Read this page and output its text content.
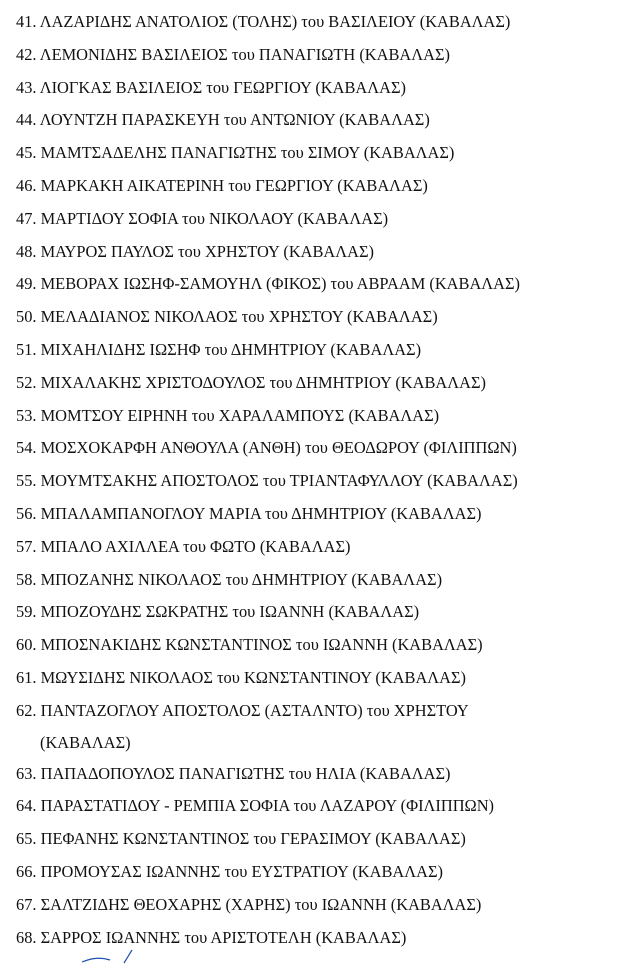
41. ΛΑΖΑΡΙΔΗΣ ΑΝΑΤΟΛΙΟΣ (ΤΟΛΗΣ) του ΒΑΣΙΛΕΙΟΥ (ΚΑΒΑΛΑΣ)
42. ΛΕΜΟΝΙΔΗΣ ΒΑΣΙΛΕΙΟΣ του ΠΑΝΑΓΙΩΤΗ (ΚΑΒΑΛΑΣ)
43. ΛΙΟΓΚΑΣ ΒΑΣΙΛΕΙΟΣ του ΓΕΩΡΓΙΟΥ (ΚΑΒΑΛΑΣ)
44. ΛΟΥΝΤΖΗ ΠΑΡΑΣΚΕΥΗ του ΑΝΤΩΝΙΟΥ (ΚΑΒΑΛΑΣ)
45. ΜΑΜΤΣΑΔΕΛΗΣ ΠΑΝΑΓΙΩΤΗΣ του ΣΙΜΟΥ (ΚΑΒΑΛΑΣ)
46. ΜΑΡΚΑΚΗ ΑΙΚΑΤΕΡΙΝΗ του ΓΕΩΡΓΙΟΥ (ΚΑΒΑΛΑΣ)
47. ΜΑΡΤΙΔΟΥ ΣΟΦΙΑ του ΝΙΚΟΛΑΟΥ (ΚΑΒΑΛΑΣ)
48. ΜΑΥΡΟΣ ΠΑΥΛΟΣ του ΧΡΗΣΤΟΥ (ΚΑΒΑΛΑΣ)
49. ΜΕΒΟΡΑΧ ΙΩΣΗΦ-ΣΑΜΟΥΗΛ (ΦΙΚΟΣ) του ΑΒΡΑΑΜ (ΚΑΒΑΛΑΣ)
50. ΜΕΛΑΔΙΑΝΟΣ ΝΙΚΟΛΑΟΣ του ΧΡΗΣΤΟΥ (ΚΑΒΑΛΑΣ)
51. ΜΙΧΑΗΛΙΔΗΣ ΙΩΣΗΦ του ΔΗΜΗΤΡΙΟΥ (ΚΑΒΑΛΑΣ)
52. ΜΙΧΑΛΑΚΗΣ ΧΡΙΣΤΟΔΟΥΛΟΣ του ΔΗΜΗΤΡΙΟΥ (ΚΑΒΑΛΑΣ)
53. ΜΟΜΤΣΟΥ ΕΙΡΗΝΗ του ΧΑΡΑΛΑΜΠΟΥΣ (ΚΑΒΑΛΑΣ)
54. ΜΟΣΧΟΚΑΡΦΗ ΑΝΘΟΥΛΑ (ΑΝΘΗ) του ΘΕΟΔΩΡΟΥ (ΦΙΛΙΠΠΩΝ)
55. ΜΟΥΜΤΣΑΚΗΣ ΑΠΟΣΤΟΛΟΣ του ΤΡΙΑΝΤΑΦΥΛΛΟΥ (ΚΑΒΑΛΑΣ)
56. ΜΠΑΛΑΜΠΑΝΟΓΛΟΥ ΜΑΡΙΑ του ΔΗΜΗΤΡΙΟΥ (ΚΑΒΑΛΑΣ)
57. ΜΠΑΛΟ ΑΧΙΛΛΕΑ του ΦΩΤΟ (ΚΑΒΑΛΑΣ)
58. ΜΠΟΖΑΝΗΣ ΝΙΚΟΛΑΟΣ του ΔΗΜΗΤΡΙΟΥ (ΚΑΒΑΛΑΣ)
59. ΜΠΟΖΟΥΔΗΣ ΣΩΚΡΑΤΗΣ του ΙΩΑΝΝΗ (ΚΑΒΑΛΑΣ)
60. ΜΠΟΣΝΑΚΙΔΗΣ ΚΩΝΣΤΑΝΤΙΝΟΣ του ΙΩΑΝΝΗ (ΚΑΒΑΛΑΣ)
61. ΜΩΥΣΙΔΗΣ ΝΙΚΟΛΑΟΣ του ΚΩΝΣΤΑΝΤΙΝΟΥ (ΚΑΒΑΛΑΣ)
62. ΠΑΝΤΑΖΟΓΛΟΥ ΑΠΟΣΤΟΛΟΣ (ΑΣΤΑΛΝΤΟ) του ΧΡΗΣΤΟΥ
(ΚΑΒΑΛΑΣ)
63. ΠΑΠΑΔΟΠΟΥΛΟΣ ΠΑΝΑΓΙΩΤΗΣ του ΗΛΙΑ (ΚΑΒΑΛΑΣ)
64. ΠΑΡΑΣΤΑΤΙΔΟΥ - ΡΕΜΠΙΑ ΣΟΦΙΑ του ΛΑΖΑΡΟΥ (ΦΙΛΙΠΠΩΝ)
65. ΠΕΦΑΝΗΣ ΚΩΝΣΤΑΝΤΙΝΟΣ του ΓΕΡΑΣΙΜΟΥ (ΚΑΒΑΛΑΣ)
66. ΠΡΟΜΟΥΣΑΣ ΙΩΑΝΝΗΣ του ΕΥΣΤΡΑΤΙΟΥ (ΚΑΒΑΛΑΣ)
67. ΣΑΛΤΖΙΔΗΣ ΘΕΟΧΑΡΗΣ (ΧΑΡΗΣ) του ΙΩΑΝΝΗ (ΚΑΒΑΛΑΣ)
68. ΣΑΡΡΟΣ ΙΩΑΝΝΗΣ του ΑΡΙΣΤΟΤΕΛΗ (ΚΑΒΑΛΑΣ)
